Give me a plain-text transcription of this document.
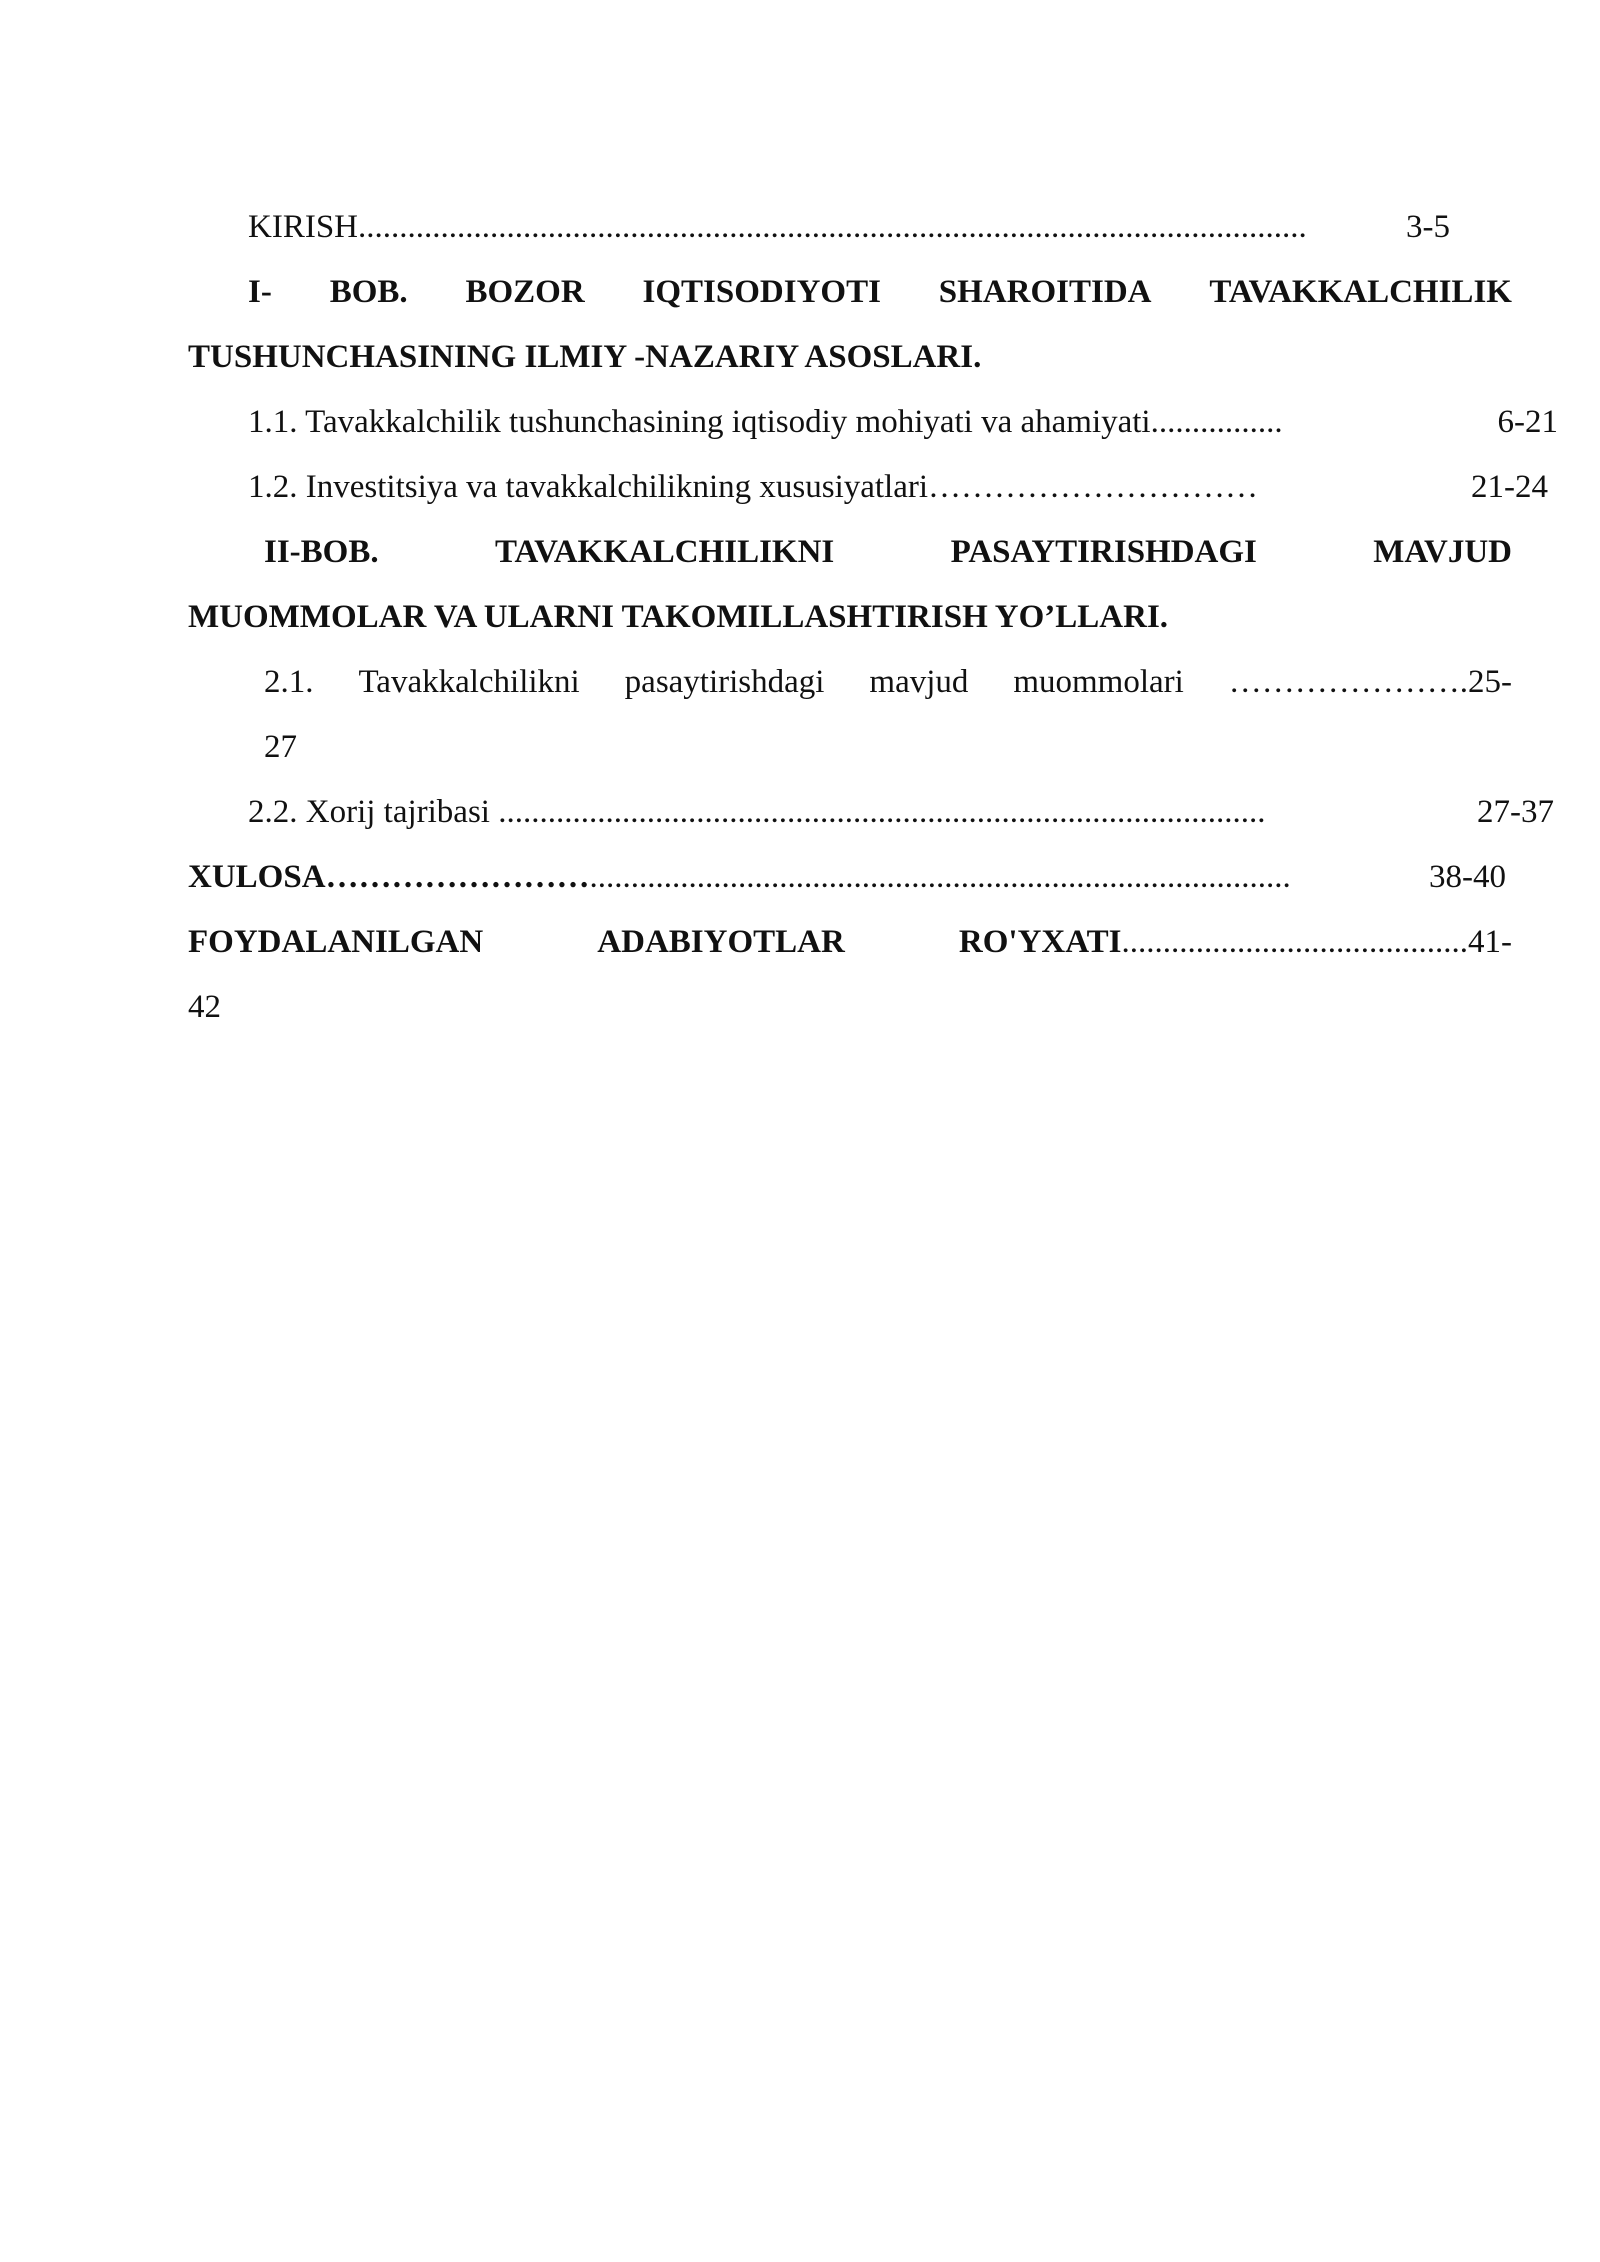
KIRISH...................................................................................................................	3-5
I- BOB. BOZOR IQTISODIYOTI SHAROITIDA TAVAKKALCHILIK
TUSHUNCHASINING ILMIY -NAZARIY ASOSLARI.
1.1. Tavakkalchilik tushunchasining iqtisodiy mohiyati va ahamiyati................	6-21
1.2. Investitsiya va tavakkalchilikning xususiyatlari…………………………	21-24
II-BOB.	TAVAKKALCHILIKNI	PASAYTIRISHDAGI	MAVJUD
MUOMMOLAR VA ULARNI TAKOMILLASHTIRISH YO’LLARI.
2.1. Tavakkalchilikni pasaytirishdagi mavjud muommolari ………………….25-
27
2.2. Xorij tajribasi .............................................................................................	27-37
XULOSA…………………….....................................................................................	38-40
FOYDALANILGAN	ADABIYOTLAR	RO'YXATI..........................................41-
42
